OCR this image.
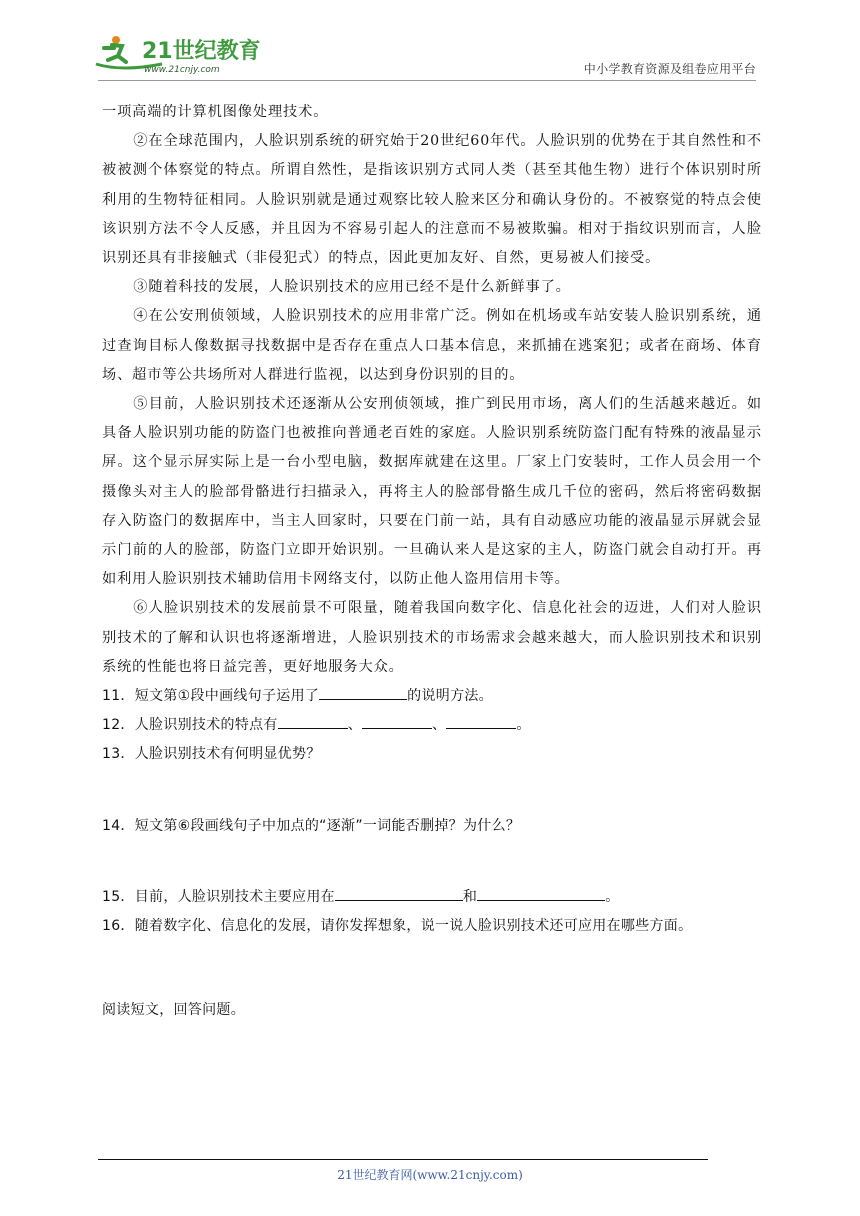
21世纪教育
www.21cnjy.com	中小学教育资源及组卷应用平台

一项高端的计算机图像处理技术。

②在全球范围内，人脸识别系统的研究始于20世纪60年代。人脸识别的优势在于其自然性和不被被测个体察觉的特点。所谓自然性，是指该识别方式同人类（甚至其他生物）进行个体识别时所利用的生物特征相同。人脸识别就是通过观察比较人脸来区分和确认身份的。不被察觉的特点会使该识别方法不令人反感，并且因为不容易引起人的注意而不易被欺骗。相对于指纹识别而言，人脸识别还具有非接触式（非侵犯式）的特点，因此更加友好、自然，更易被人们接受。

③随着科技的发展，人脸识别技术的应用已经不是什么新鲜事了。

④在公安刑侦领域，人脸识别技术的应用非常广泛。例如在机场或车站安装人脸识别系统，通过查询目标人像数据寻找数据中是否存在重点人口基本信息，来抓捕在逃案犯；或者在商场、体育场、超市等公共场所对人群进行监视，以达到身份识别的目的。

⑤目前，人脸识别技术还逐渐从公安刑侦领域，推广到民用市场，离人们的生活越来越近。如具备人脸识别功能的防盗门也被推向普通老百姓的家庭。人脸识别系统防盗门配有特殊的液晶显示屏。这个显示屏实际上是一台小型电脑，数据库就建在这里。厂家上门安装时，工作人员会用一个摄像头对主人的脸部骨骼进行扫描录入，再将主人的脸部骨骼生成几千位的密码，然后将密码数据存入防盗门的数据库中，当主人回家时，只要在门前一站，具有自动感应功能的液晶显示屏就会显示门前的人的脸部，防盗门立即开始识别。一旦确认来人是这家的主人，防盗门就会自动打开。再如利用人脸识别技术辅助信用卡网络支付，以防止他人盗用信用卡等。

⑥人脸识别技术的发展前景不可限量，随着我国向数字化、信息化社会的迈进，人们对人脸识别技术的了解和认识也将逐渐增进，人脸识别技术的市场需求会越来越大，而人脸识别技术和识别系统的性能也将日益完善，更好地服务大众。

11．短文第①段中画线句子运用了	的说明方法。

12．人脸识别技术的特点有	、	、	。

13．人脸识别技术有何明显优势？

14．短文第⑥段画线句子中加点的“逐渐”一词能否删掉？为什么？

15．目前，人脸识别技术主要应用在	和	。

16．随着数字化、信息化的发展，请你发挥想象，说一说人脸识别技术还可应用在哪些方面。

阅读短文，回答问题。

21世纪教育网(www.21cnjy.com)
